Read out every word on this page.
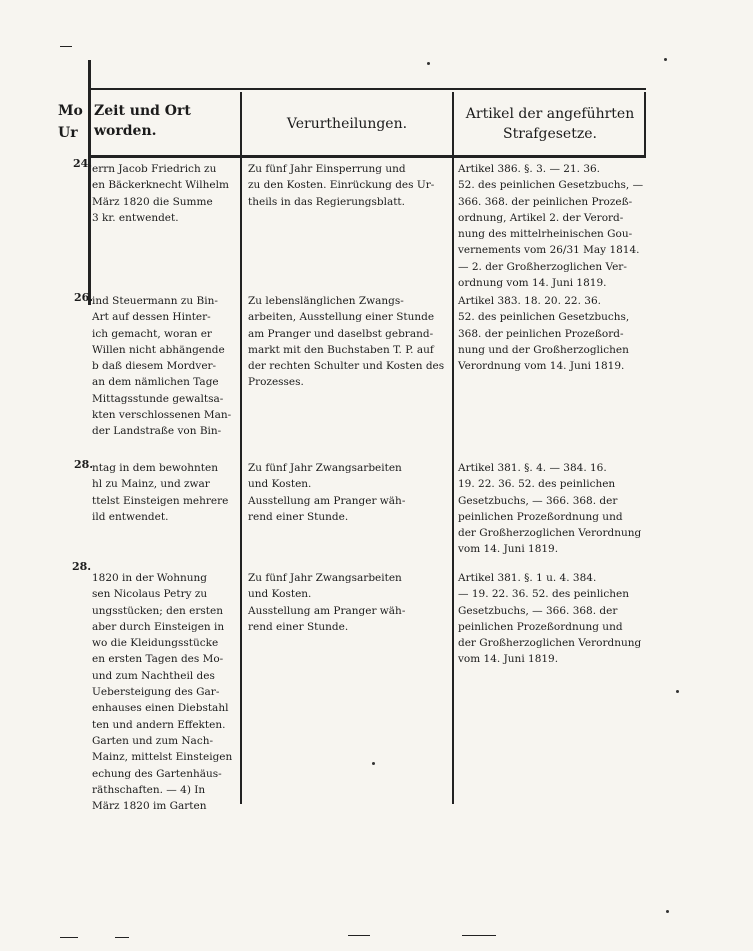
Mo
Ur
Zeit und Ort
worden.	Verurtheilungen.
Artikel der angeführten
Strafgesetze.
24. errn Jacob Friedrich zu
en Bäckerknecht Wilhelm
März 1820 die Summe
3 kr. entwendet.
Zu fünf Jahr Einsperrung und
zu den Kosten. Einrückung des Ur-
theils in das Regierungsblatt.
Artikel 386. §. 3. — 21. 36.
52. des peinlichen Gesetzbuchs, —
366. 368. der peinlichen Prozeß-
ordnung, Artikel 2. der Verord-
nung des mittelrheinischen Gou-
vernements vom 26/31 May 1814.
— 2. der Großherzoglichen Ver-
ordnung vom 14. Juni 1819.
26.
ind Steuermann zu Bin-
Art auf dessen Hinter-
ich gemacht, woran er
Willen nicht abhängende
b daß diesem Mordver-
an dem nämlichen Tage
Mittagsstunde gewaltsa-
kten verschlossenen Man-
der Landstraße von Bin-
Zu lebenslänglichen Zwangs-
arbeiten, Ausstellung einer Stunde
am Pranger und daselbst gebrand-
markt mit den Buchstaben T. P. auf
der rechten Schulter und Kosten des
Prozesses.
Artikel 383. 18. 20. 22. 36.
52. des peinlichen Gesetzbuchs,
368. der peinlichen Prozeßord-
nung und der Großherzoglichen
Verordnung vom 14. Juni 1819.
28.
ntag in dem bewohnten
hl zu Mainz, und zwar
ttelst Einsteigen mehrere
ild entwendet.
Zu fünf Jahr Zwangsarbeiten
und Kosten.
Ausstellung am Pranger wäh-
rend einer Stunde.
Artikel 381. §. 4. — 384. 16.
19. 22. 36. 52. des peinlichen
Gesetzbuchs, — 366. 368. der
peinlichen Prozeßordnung und
der Großherzoglichen Verordnung
vom 14. Juni 1819.
28.
1820 in der Wohnung
sen Nicolaus Petry zu
ungsstücken; den ersten
aber durch Einsteigen in
wo die Kleidungsstücke
en ersten Tagen des Mo-
und zum Nachtheil des
Uebersteigung des Gar-
enhauses einen Diebstahl
ten und andern Effekten.
Garten und zum Nach-
Mainz, mittelst Einsteigen
echung des Gartenhäus-
räthschaften. — 4) In
März 1820 im Garten
Zu fünf Jahr Zwangsarbeiten
und Kosten.
Ausstellung am Pranger wäh-
rend einer Stunde.
Artikel 381. §. 1 u. 4. 384.
— 19. 22. 36. 52. des peinlichen
Gesetzbuchs, — 366. 368. der
peinlichen Prozeßordnung und
der Großherzoglichen Verordnung
vom 14. Juni 1819.
